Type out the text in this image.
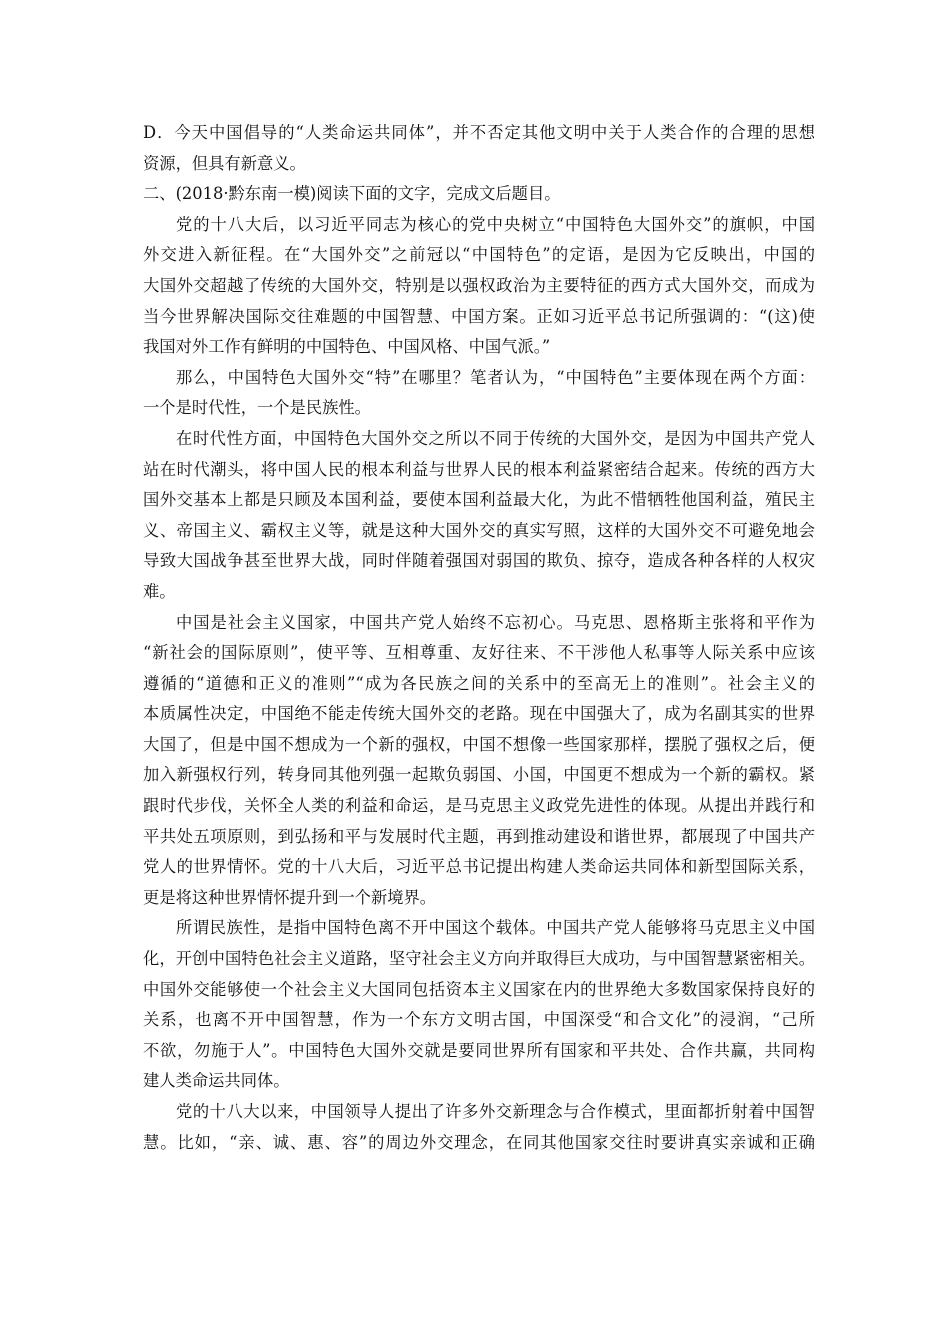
D．今天中国倡导的“人类命运共同体”，并不否定其他文明中关于人类合作的合理的思想
资源，但具有新意义。
二、(2018·黔东南一模)阅读下面的文字，完成文后题目。
党的十八大后，以习近平同志为核心的党中央树立“中国特色大国外交”的旗帜，中国
外交进入新征程。在“大国外交”之前冠以“中国特色”的定语，是因为它反映出，中国的
大国外交超越了传统的大国外交，特别是以强权政治为主要特征的西方式大国外交，而成为
当今世界解决国际交往难题的中国智慧、中国方案。正如习近平总书记所强调的：“(这)使
我国对外工作有鲜明的中国特色、中国风格、中国气派。”
那么，中国特色大国外交“特”在哪里？笔者认为，“中国特色”主要体现在两个方面：
一个是时代性，一个是民族性。
在时代性方面，中国特色大国外交之所以不同于传统的大国外交，是因为中国共产党人
站在时代潮头，将中国人民的根本利益与世界人民的根本利益紧密结合起来。传统的西方大
国外交基本上都是只顾及本国利益，要使本国利益最大化，为此不惜牺牲他国利益，殖民主
义、帝国主义、霸权主义等，就是这种大国外交的真实写照，这样的大国外交不可避免地会
导致大国战争甚至世界大战，同时伴随着强国对弱国的欺负、掠夺，造成各种各样的人权灾
难。
中国是社会主义国家，中国共产党人始终不忘初心。马克思、恩格斯主张将和平作为
“新社会的国际原则”，使平等、互相尊重、友好往来、不干涉他人私事等人际关系中应该
遵循的“道德和正义的准则”“成为各民族之间的关系中的至高无上的准则”。社会主义的
本质属性决定，中国绝不能走传统大国外交的老路。现在中国强大了，成为名副其实的世界
大国了，但是中国不想成为一个新的强权，中国不想像一些国家那样，摆脱了强权之后，便
加入新强权行列，转身同其他列强一起欺负弱国、小国，中国更不想成为一个新的霸权。紧
跟时代步伐，关怀全人类的利益和命运，是马克思主义政党先进性的体现。从提出并践行和
平共处五项原则，到弘扬和平与发展时代主题，再到推动建设和谐世界，都展现了中国共产
党人的世界情怀。党的十八大后，习近平总书记提出构建人类命运共同体和新型国际关系，
更是将这种世界情怀提升到一个新境界。
所谓民族性，是指中国特色离不开中国这个载体。中国共产党人能够将马克思主义中国
化，开创中国特色社会主义道路，坚守社会主义方向并取得巨大成功，与中国智慧紧密相关。
中国外交能够使一个社会主义大国同包括资本主义国家在内的世界绝大多数国家保持良好的
关系，也离不开中国智慧，作为一个东方文明古国，中国深受“和合文化”的浸润，“己所
不欲，勿施于人”。中国特色大国外交就是要同世界所有国家和平共处、合作共赢，共同构
建人类命运共同体。
党的十八大以来，中国领导人提出了许多外交新理念与合作模式，里面都折射着中国智
慧。比如，“亲、诚、惠、容”的周边外交理念，在同其他国家交往时要讲真实亲诚和正确
